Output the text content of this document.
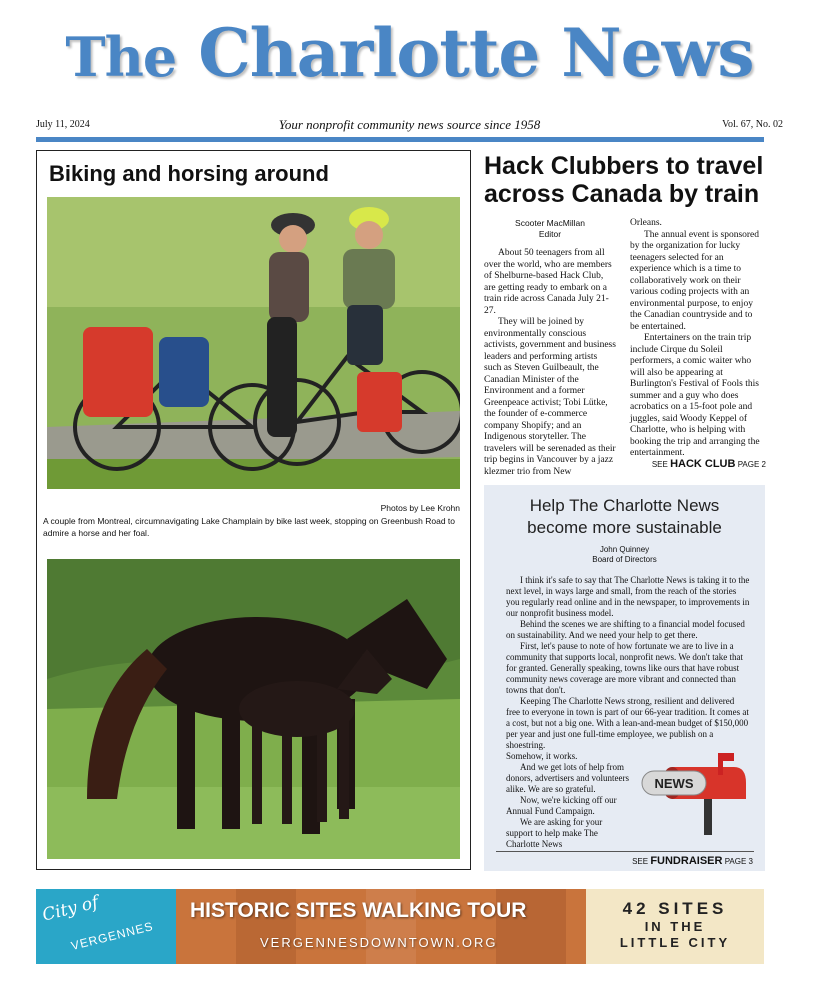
The Charlotte News
July 11, 2024	Your nonprofit community news source since 1958	Vol. 67, No. 02
Biking and horsing around
Photos by Lee Krohn
A couple from Montreal, circumnavigating Lake Champlain by bike last week, stopping on Greenbush Road to admire a horse and her foal.
Hack Clubbers to travel across Canada by train
Scooter MacMillan
Editor

About 50 teenagers from all over the world, who are members of Shelburne-based Hack Club, are getting ready to embark on a train ride across Canada July 21-27.

They will be joined by environmentally conscious activists, government and business leaders and performing artists such as Steven Guilbeault, the Canadian Minister of the Environment and a former Greenpeace activist; Tobi Lütke, the founder of e-commerce company Shopify; and an Indigenous storyteller. The travelers will be serenaded as their trip begins in Vancouver by a jazz klezmer trio from New

Orleans.

The annual event is sponsored by the organization for lucky teenagers selected for an experience which is a time to collaboratively work on their various coding projects with an environmental purpose, to enjoy the Canadian countryside and to be entertained.

Entertainers on the train trip include Cirque du Soleil performers, a comic waiter who will also be appearing at Burlington's Festival of Fools this summer and a guy who does acrobatics on a 15-foot pole and juggles, said Woody Keppel of Charlotte, who is helping with booking the trip and arranging the entertainment.

SEE HACK CLUB PAGE 2
Help The Charlotte News
become more sustainable
John Quinney
Board of Directors

I think it's safe to say that The Charlotte News is taking it to the next level, in ways large and small, from the reach of the stories you regularly read online and in the newspaper, to improvements in our nonprofit business model.

Behind the scenes we are shifting to a financial model focused on sustainability. And we need your help to get there.

First, let's pause to note of how fortunate we are to live in a community that supports local, nonprofit news. We don't take that for granted. Generally speaking, towns like ours that have robust community news coverage are more vibrant and connected than towns that don't.

Keeping The Charlotte News strong, resilient and delivered free to everyone in town is part of our 66-year tradition. It comes at a cost, but not a big one. With a lean-and-mean budget of $150,000 per year and just one full-time employee, we publish on a shoestring.

Somehow, it works.

And we get lots of help from donors, advertisers and volunteers alike. We are so grateful.

Now, we're kicking off our Annual Fund Campaign.

We are asking for your support to help make The Charlotte News

NEWS
SEE FUNDRAISER PAGE 3
City of
VERGENNES
HISTORIC SITES WALKING TOUR
VERGENNESDOWNTOWN.ORG
42 SITES
IN THE
LITTLE CITY
